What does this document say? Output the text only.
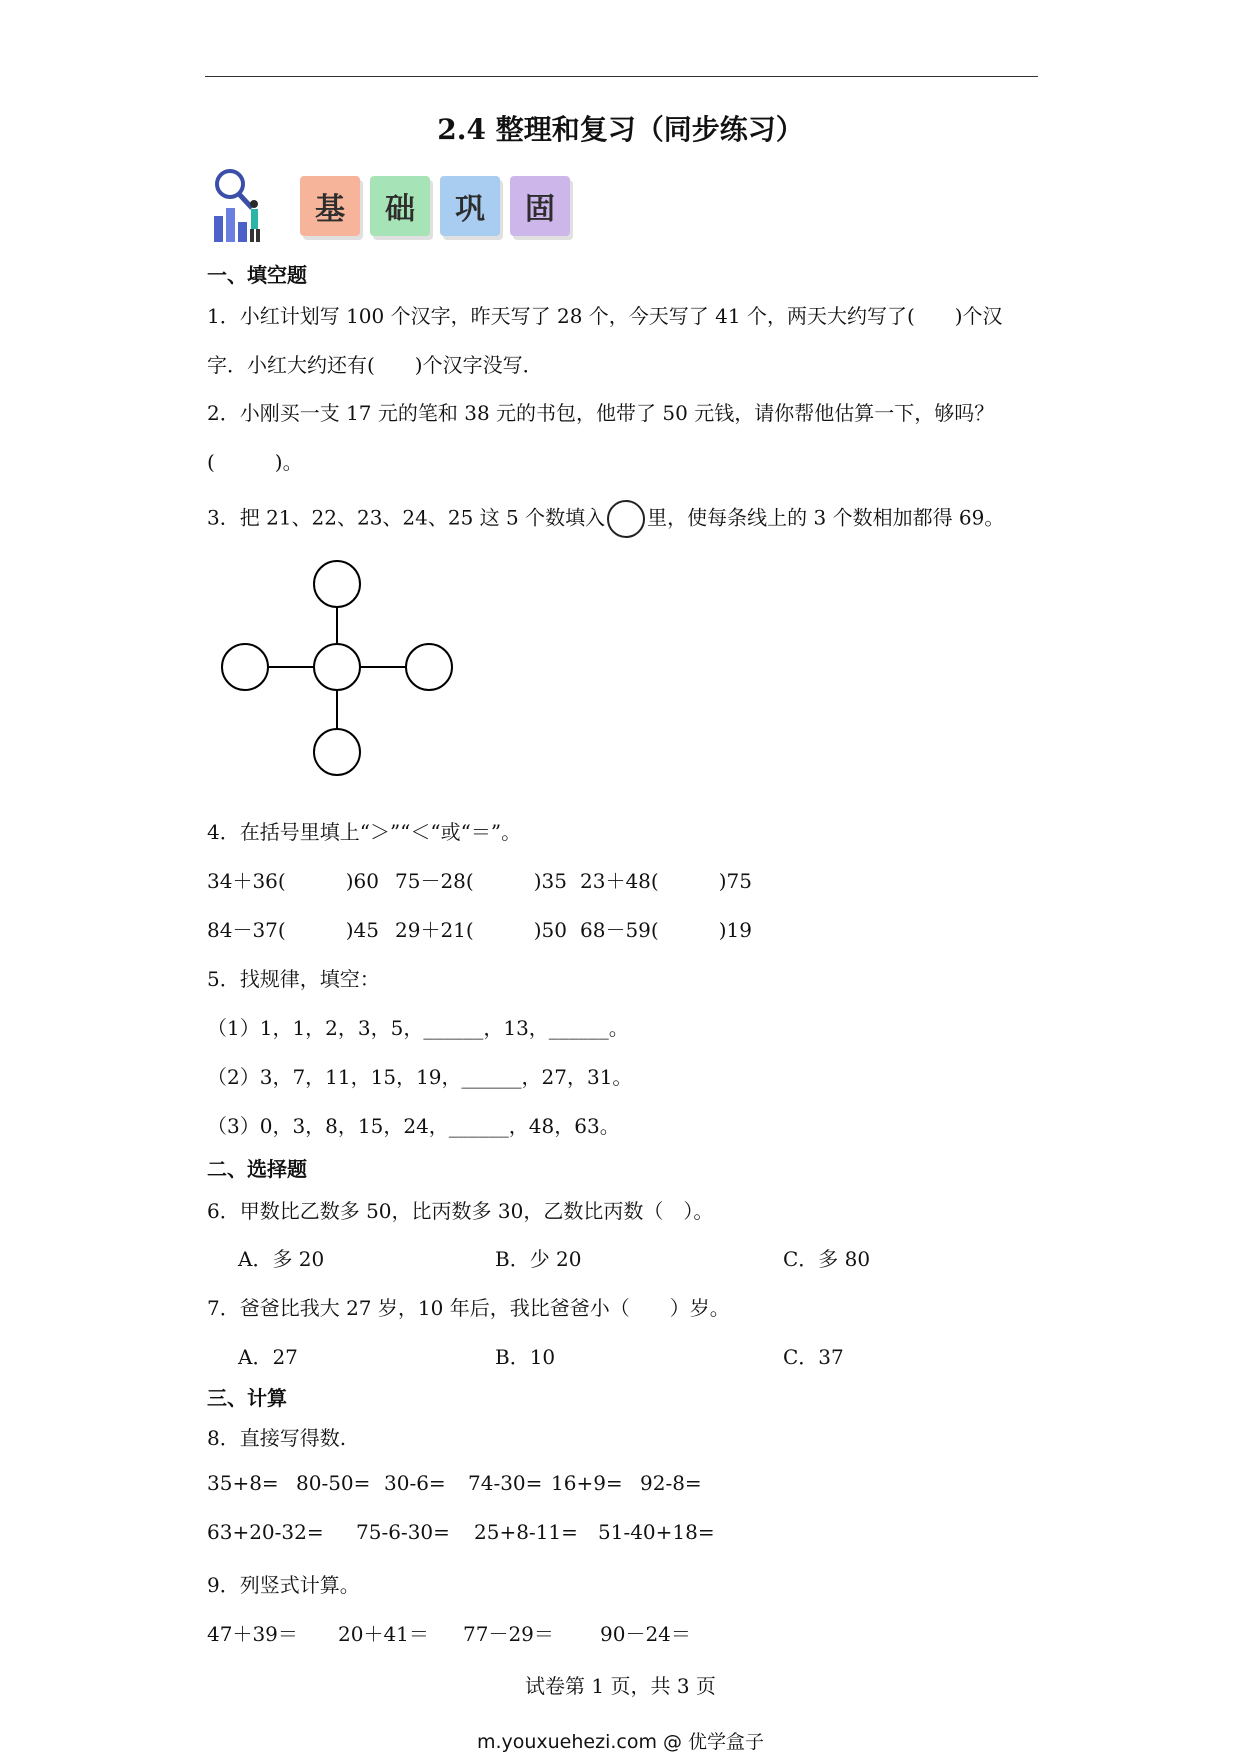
2.4 整理和复习（同步练习）
基	础	巩	固
一、填空题
1．小红计划写 100 个汉字，昨天写了 28 个，今天写了 41 个，两天大约写了(　　)个汉
字．小红大约还有(　　)个汉字没写．
2．小刚买一支 17 元的笔和 38 元的书包，他带了 50 元钱，请你帮他估算一下，够吗？
(　　　)。
3．把 21、22、23、24、25 这 5 个数填入 里，使每条线上的 3 个数相加都得 69。
4．在括号里填上“＞”“＜“或“＝”。
34＋36(　　　)60 75－28(　　　)35 23＋48(　　　)75
84－37(　　　)45 29＋21(　　　)50 68－59(　　　)19
5．找规律，填空：
（1）1，1，2，3，5，______，13，______。
（2）3，7，11，15，19，______，27，31。
（3）0，3，8，15，24，______，48，63。
二、选择题
6．甲数比乙数多 50，比丙数多 30，乙数比丙数（　）。
A．多 20	B．少 20	C．多 80
7．爸爸比我大 27 岁，10 年后，我比爸爸小（　　）岁。
A．27	B．10	C．37
三、计算
8．直接写得数.
35+8= 80-50= 30-6= 74-30= 16+9= 92-8=
63+20-32= 75-6-30= 25+8-11= 51-40+18=
9．列竖式计算。
47＋39＝ 20＋41＝ 77－29＝ 90－24＝
试卷第 1 页，共 3 页
m.youxuehezi.com @ 优学盒子
